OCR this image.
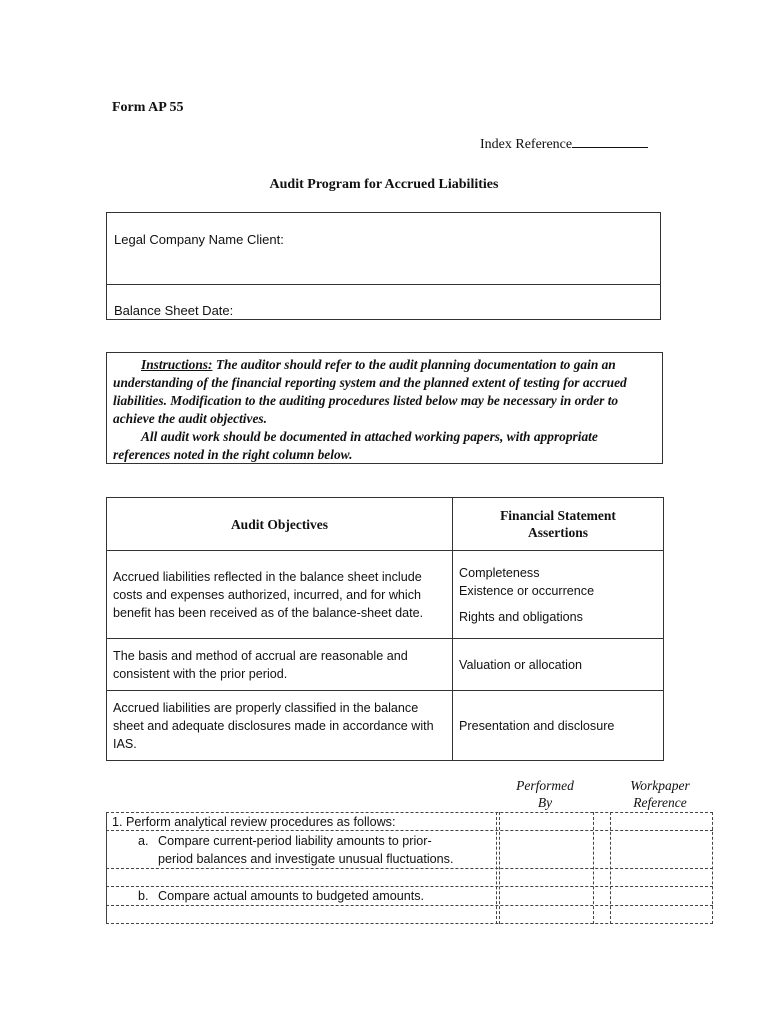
Form AP 55
Index Reference
Audit Program for Accrued Liabilities
Legal Company Name Client:
Balance Sheet Date:
Instructions: The auditor should refer to the audit planning documentation to gain an understanding of the financial reporting system and the planned extent of testing for accrued liabilities. Modification to the auditing procedures listed below may be necessary in order to achieve the audit objectives.
All audit work should be documented in attached working papers, with appropriate references noted in the right column below.
Audit Objectives	Financial Statement Assertions
Accrued liabilities reflected in the balance sheet include costs and expenses authorized, incurred, and for which benefit has been received as of the balance-sheet date.	Completeness
Existence or occurrence
Rights and obligations

The basis and method of accrual are reasonable and consistent with the prior period.	Valuation or allocation

Accrued liabilities are properly classified in the balance sheet and adequate disclosures made in accordance with IAS.	Presentation and disclosure
Performed
By
Workpaper
Reference
1. Perform analytical review procedures as follows:
a. Compare current-period liability amounts to prior-
period balances and investigate unusual fluctuations.
b. Compare actual amounts to budgeted amounts.
